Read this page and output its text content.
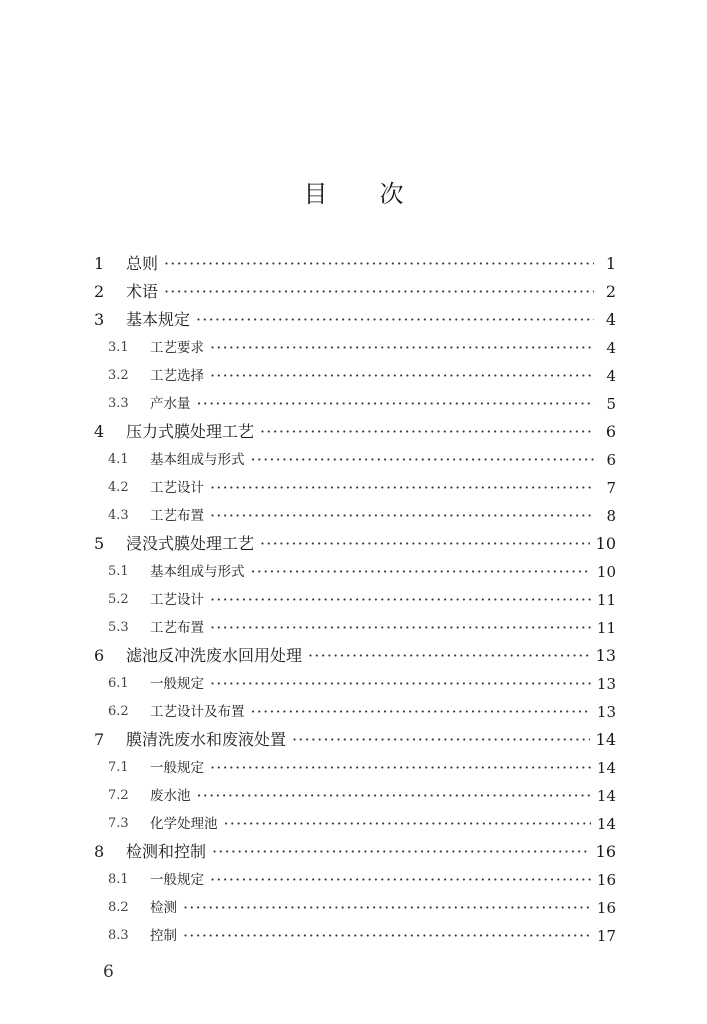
目 次
1	总则 ·····	1
2	术语 ·····	2
3	基本规定 ·····	4
3.1	工艺要求 ·····	4
3.2	工艺选择 ·····	4
3.3	产水量 ·····	5
4	压力式膜处理工艺 ·····	6
4.1	基本组成与形式 ·····	6
4.2	工艺设计 ·····	7
4.3	工艺布置 ·····	8
5	浸没式膜处理工艺 ·····	10
5.1	基本组成与形式 ·····	10
5.2	工艺设计 ·····	11
5.3	工艺布置 ·····	11
6	滤池反冲洗废水回用处理 ·····	13
6.1	一般规定 ·····	13
6.2	工艺设计及布置 ·····	13
7	膜清洗废水和废液处置 ·····	14
7.1	一般规定 ·····	14
7.2	废水池 ·····	14
7.3	化学处理池 ·····	14
8	检测和控制 ·····	16
8.1	一般规定 ·····	16
8.2	检测 ·····	16
8.3	控制 ·····	17
6
